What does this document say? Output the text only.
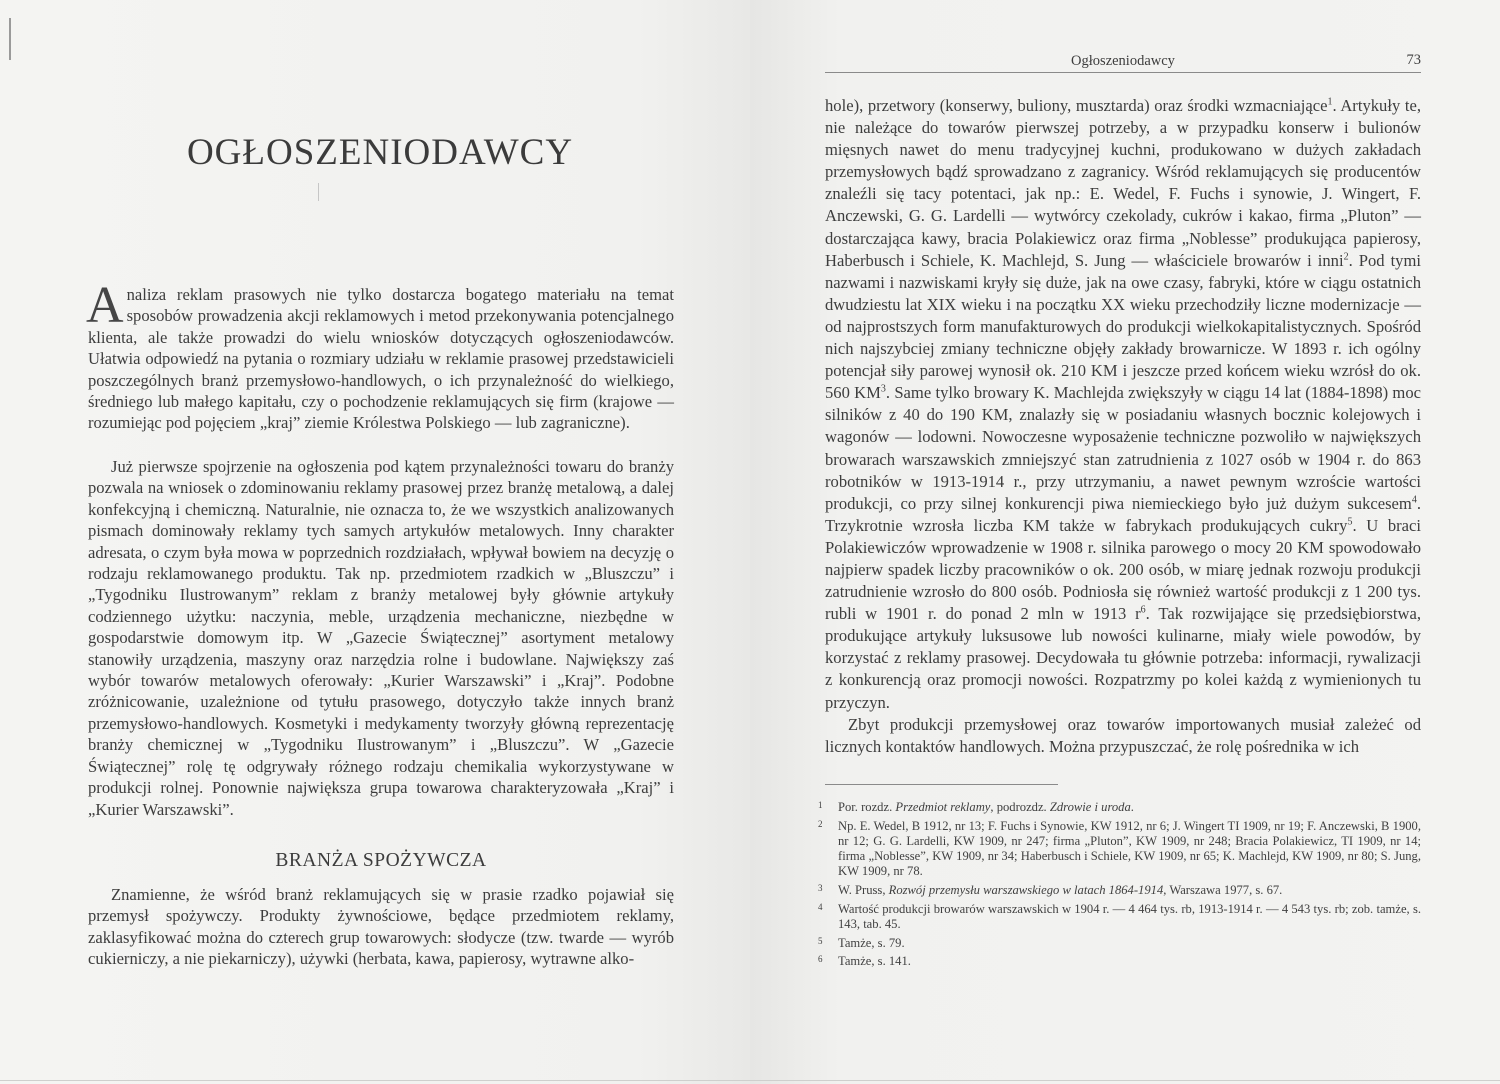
OGŁOSZENIODAWCY

Analiza reklam prasowych nie tylko dostarcza bogatego materiału na temat sposobów prowadzenia akcji reklamowych i metod przekonywania potencjalnego klienta, ale także prowadzi do wielu wniosków dotyczących ogłoszeniodawców. Ułatwia odpowiedź na pytania o rozmiary udziału w reklamie prasowej przedstawicieli poszczególnych branż przemysłowo-handlowych, o ich przynależność do wielkiego, średniego lub małego kapitału, czy o pochodzenie reklamujących się firm (krajowe — rozumiejąc pod pojęciem „kraj” ziemie Królestwa Polskiego — lub zagraniczne).

Już pierwsze spojrzenie na ogłoszenia pod kątem przynależności towaru do branży pozwala na wniosek o zdominowaniu reklamy prasowej przez branżę metalową, a dalej konfekcyjną i chemiczną. Naturalnie, nie oznacza to, że we wszystkich analizowanych pismach dominowały reklamy tych samych artykułów metalowych. Inny charakter adresata, o czym była mowa w poprzednich rozdziałach, wpływał bowiem na decyzję o rodzaju reklamowanego produktu. Tak np. przedmiotem rzadkich w „Bluszczu” i „Tygodniku Ilustrowanym” reklam z branży metalowej były głównie artykuły codziennego użytku: naczynia, meble, urządzenia mechaniczne, niezbędne w gospodarstwie domowym itp. W „Gazecie Świątecznej” asortyment metalowy stanowiły urządzenia, maszyny oraz narzędzia rolne i budowlane. Największy zaś wybór towarów metalowych oferowały: „Kurier Warszawski” i „Kraj”. Podobne zróżnicowanie, uzależnione od tytułu prasowego, dotyczyło także innych branż przemysłowo-handlowych. Kosmetyki i medykamenty tworzyły główną reprezentację branży chemicznej w „Tygodniku Ilustrowanym” i „Bluszczu”. W „Gazecie Świątecznej” rolę tę odgrywały różnego rodzaju chemikalia wykorzystywane w produkcji rolnej. Ponownie największa grupa towarowa charakteryzowała „Kraj” i „Kurier Warszawski”.

BRANŻA SPOŻYWCZA

Znamienne, że wśród branż reklamujących się w prasie rzadko pojawiał się przemysł spożywczy. Produkty żywnościowe, będące przedmiotem reklamy, zaklasyfikować można do czterech grup towarowych: słodycze (tzw. twarde — wyrób cukierniczy, a nie piekarniczy), używki (herbata, kawa, papierosy, wytrawne alko-

Ogłoszeniodawcy	73

hole), przetwory (konserwy, buliony, musztarda) oraz środki wzmacniające$^1$. Artykuły te, nie należące do towarów pierwszej potrzeby, a w przypadku konserw i bulionów mięsnych nawet do menu tradycyjnej kuchni, produkowano w dużych zakładach przemysłowych bądź sprowadzano z zagranicy. Wśród reklamujących się producentów znaleźli się tacy potentaci, jak np.: E. Wedel, F. Fuchs i synowie, J. Wingert, F. Anczewski, G. G. Lardelli — wytwórcy czekolady, cukrów i kakao, firma „Pluton” — dostarczająca kawy, bracia Polakiewicz oraz firma „Noblesse” produkująca papierosy, Haberbusch i Schiele, K. Machlejd, S. Jung — właściciele browarów i inni$^2$. Pod tymi nazwami i nazwiskami kryły się duże, jak na owe czasy, fabryki, które w ciągu ostatnich dwudziestu lat XIX wieku i na początku XX wieku przechodziły liczne modernizacje — od najprostszych form manufakturowych do produkcji wielkokapitalistycznych. Spośród nich najszybciej zmiany techniczne objęły zakłady browarnicze. W 1893 r. ich ogólny potencjał siły parowej wynosił ok. 210 KM i jeszcze przed końcem wieku wzrósł do ok. 560 $KM^3$. Same tylko browary K. Machlejda zwiększyły w ciągu 14 lat (1884-1898) moc silników z 40 do 190 KM, znalazły się w posiadaniu własnych bocznic kolejowych i wagonów — lodowni. Nowoczesne wyposażenie techniczne pozwoliło w największych browarach warszawskich zmniejszyć stan zatrudnienia z 1027 osób w 1904 r. do 863 robotników w 1913-1914 r., przy utrzymaniu, a nawet pewnym wzroście wartości produkcji, co przy silnej konkurencji piwa niemieckiego było już dużym sukcesem$^4$. Trzykrotnie wzrosła liczba KM także w fabrykach produkujących cukry$^5$. U braci Polakiewiczów wprowadzenie w 1908 r. silnika parowego o mocy 20 KM spowodowało najpierw spadek liczby pracowników o ok. 200 osób, w miarę jednak rozwoju produkcji zatrudnienie wzrosło do 800 osób. Podniosła się również wartość produkcji z 1 200 tys. rubli w 1901 r. do ponad 2 mln w 1913 $r^6$. Tak rozwijające się przedsiębiorstwa, produkujące artykuły luksusowe lub nowości kulinarne, miały wiele powodów, by korzystać z reklamy prasowej. Decydowała tu głównie potrzeba: informacji, rywalizacji z konkurencją oraz promocji nowości. Rozpatrzmy po kolei każdą z wymienionych tu przyczyn.

Zbyt produkcji przemysłowej oraz towarów importowanych musiał zależeć od licznych kontaktów handlowych. Można przypuszczać, że rolę pośrednika w ich

1 Por. rozdz. Przedmiot reklamy, podrozdz. Zdrowie i uroda.

2 Np. E. Wedel, B 1912, nr 13; F. Fuchs i Synowie, KW 1912, nr 6; J. Wingert TI 1909, nr 19; F. Anczewski, B 1900, nr 12; G. G. Lardelli, KW 1909, nr 247; firma „Pluton”, KW 1909, nr 248; Bracia Polakiewicz, TI 1909, nr 14; firma „Noblesse”, KW 1909, nr 34; Haberbusch i Schiele, KW 1909, nr 65; K. Machlejd, KW 1909, nr 80; S. Jung, KW 1909, nr 78.

3 W. Pruss, Rozwój przemysłu warszawskiego w latach 1864-1914, Warszawa 1977, s. 67.

4 Wartość produkcji browarów warszawskich w 1904 r. — 4 464 tys. rb, 1913-1914 r. — 4 543 tys. rb; zob. tamże, s. 143, tab. 45.

5 Tamże, s. 79.

6 Tamże, s. 141.
